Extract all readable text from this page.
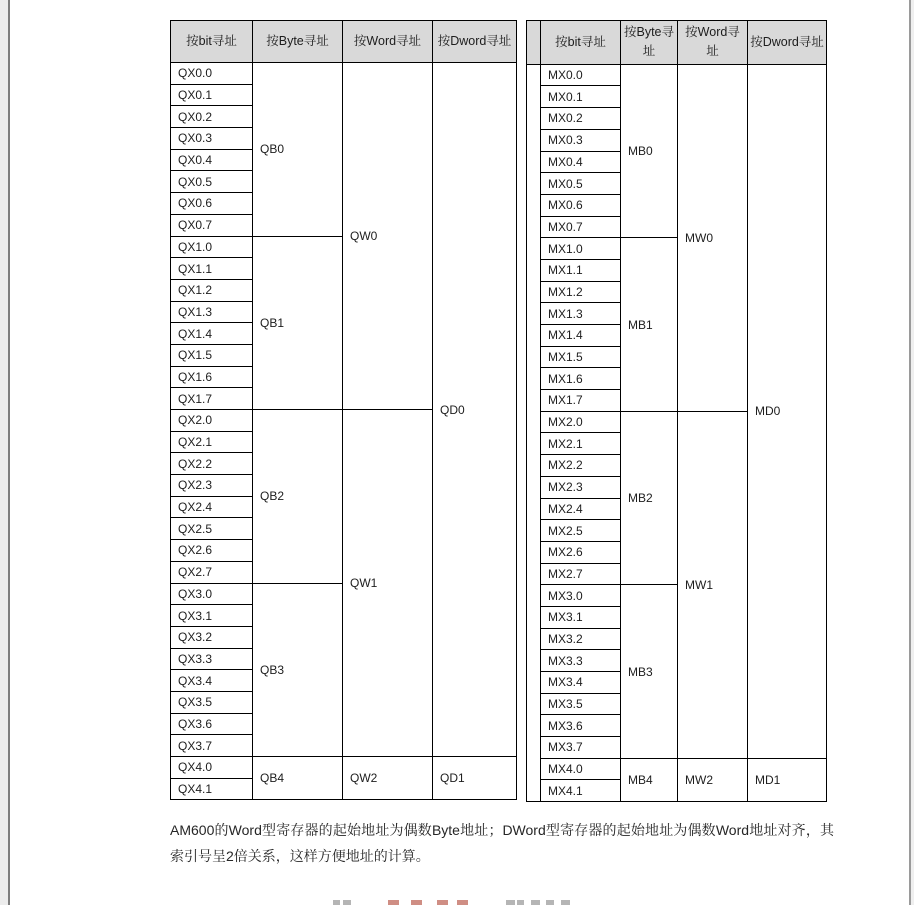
按bit寻址	按Byte寻址	按Word寻址	按Dword寻址
QX0.0	QB0	QW0	QD0
QX0.1			
QX0.2			
QX0.3			
QX0.4			
QX0.5			
QX0.6			
QX0.7			
QX1.0	QB1		
QX1.1			
QX1.2			
QX1.3			
QX1.4			
QX1.5			
QX1.6			
QX1.7			
QX2.0	QB2	QW1	
QX2.1			
QX2.2			
QX2.3			
QX2.4			
QX2.5			
QX2.6			
QX2.7			
QX3.0	QB3		
QX3.1			
QX3.2			
QX3.3			
QX3.4			
QX3.5			
QX3.6			
QX3.7			
QX4.0	QB4	QW2	QD1
QX4.1			
	按bit寻址	按Byte寻址	按Word寻址	按Dword寻址
	MX0.0	MB0	MW0	MD0
	MX0.1			
	MX0.2			
	MX0.3			
	MX0.4			
	MX0.5			
	MX0.6			
	MX0.7			
	MX1.0	MB1		
	MX1.1			
	MX1.2			
	MX1.3			
	MX1.4			
	MX1.5			
	MX1.6			
	MX1.7			
	MX2.0	MB2	MW1	
	MX2.1			
	MX2.2			
	MX2.3			
	MX2.4			
	MX2.5			
	MX2.6			
	MX2.7			
	MX3.0	MB3		
	MX3.1			
	MX3.2			
	MX3.3			
	MX3.4			
	MX3.5			
	MX3.6			
	MX3.7			
	MX4.0	MB4	MW2	MD1
	MX4.1			
AM600的Word型寄存器的起始地址为偶数Byte地址；DWord型寄存器的起始地址为偶数Word地址对齐，其索引号呈2倍关系，这样方便地址的计算。
